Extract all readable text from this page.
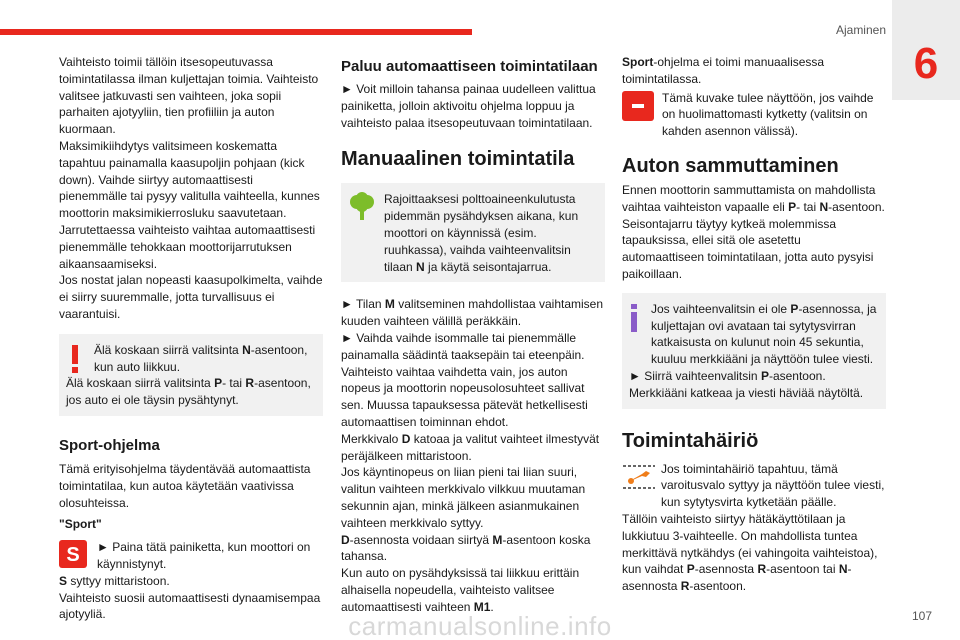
Ajaminen
6

Vaihteisto toimii tällöin itsesopeutuvassa toimintatilassa ilman kuljettajan toimia. Vaihteisto valitsee jatkuvasti sen vaihteen, joka sopii parhaiten ajotyyliin, tien profiiliin ja auton kuormaan.

Maksimikiihdytys valitsimeen koskematta tapahtuu painamalla kaasupoljin pohjaan (kick down). Vaihde siirtyy automaattisesti pienemmälle tai pysyy valitulla vaihteella, kunnes moottorin maksimikierrosluku saavutetaan.

Jarrutettaessa vaihteisto vaihtaa automaattisesti pienemmälle tehokkaan moottorijarrutuksen aikaansaamiseksi.

Jos nostat jalan nopeasti kaasupolkimelta, vaihde ei siirry suuremmalle, jotta turvallisuus ei vaarantuisi.

Älä koskaan siirrä valitsinta N-asentoon, kun auto liikkuu.

Älä koskaan siirrä valitsinta P- tai R-asentoon, jos auto ei ole täysin pysähtynyt.

Sport-ohjelma

Tämä erityisohjelma täydentävää automaattista toimintatilaa, kun autoa käytetään vaativissa olosuhteissa.

"Sport"

S ► Paina tätä painiketta, kun moottori on käynnistynyt.

S syttyy mittaristoon.

Vaihteisto suosii automaattisesti dynaamisempaa ajotyyliä.

Paluu automaattiseen toimintatilaan

► Voit milloin tahansa painaa uudelleen valittua painiketta, jolloin aktivoitu ohjelma loppuu ja vaihteisto palaa itsesopeutuvaan toimintatilaan.

Manuaalinen toimintatila

Rajoittaaksesi polttoaineenkulutusta pidemmän pysähdyksen aikana, kun moottori on käynnissä (esim. ruuhkassa), vaihda vaihteenvalitsin tilaan N ja käytä seisontajarrua.

► Tilan M valitseminen mahdollistaa vaihtamisen kuuden vaihteen välillä peräkkäin.

► Vaihda vaihde isommalle tai pienemmälle painamalla säädintä taaksepäin tai eteenpäin.

Vaihteisto vaihtaa vaihdetta vain, jos auton nopeus ja moottorin nopeusolosuhteet sallivat sen. Muussa tapauksessa pätevät hetkellisesti automaattisen toiminnan ehdot.

Merkkivalo D katoaa ja valitut vaihteet ilmestyvät peräjälkeen mittaristoon.

Jos käyntinopeus on liian pieni tai liian suuri, valitun vaihteen merkkivalo vilkkuu muutaman sekunnin ajan, minkä jälkeen asianmukainen vaihteen merkkivalo syttyy.

D-asennosta voidaan siirtyä M-asentoon koska tahansa.

Kun auto on pysähdyksissä tai liikkuu erittäin alhaisella nopeudella, vaihteisto valitsee automaattisesti vaihteen M1.

Sport-ohjelma ei toimi manuaalisessa toimintatilassa.

Tämä kuvake tulee näyttöön, jos vaihde on huolimattomasti kytketty (valitsin on kahden asennon välissä).

Auton sammuttaminen

Ennen moottorin sammuttamista on mahdollista vaihtaa vaihteiston vapaalle eli P- tai N-asentoon.

Seisontajarru täytyy kytkeä molemmissa tapauksissa, ellei sitä ole asetettu automaattiseen toimintatilaan, jotta auto pysyisi paikoillaan.

Jos vaihteenvalitsin ei ole P-asennossa, ja kuljettajan ovi avataan tai sytytysvirran katkaisusta on kulunut noin 45 sekuntia, kuuluu merkkiääni ja näyttöön tulee viesti.

► Siirrä vaihteenvalitsin P-asentoon.

Merkkiääni katkeaa ja viesti häviää näytöltä.

Toimintahäiriö

Jos toimintahäiriö tapahtuu, tämä varoitusvalo syttyy ja näyttöön tulee viesti, kun sytytysvirta kytketään päälle.

Tällöin vaihteisto siirtyy hätäkäyttötilaan ja lukkiutuu 3-vaihteelle. On mahdollista tuntea merkittävä nytkähdys (ei vahingoita vaihteistoa), kun vaihdat P-asennosta R-asentoon tai N-asennosta R-asentoon.

carmanualsonline.info	107
